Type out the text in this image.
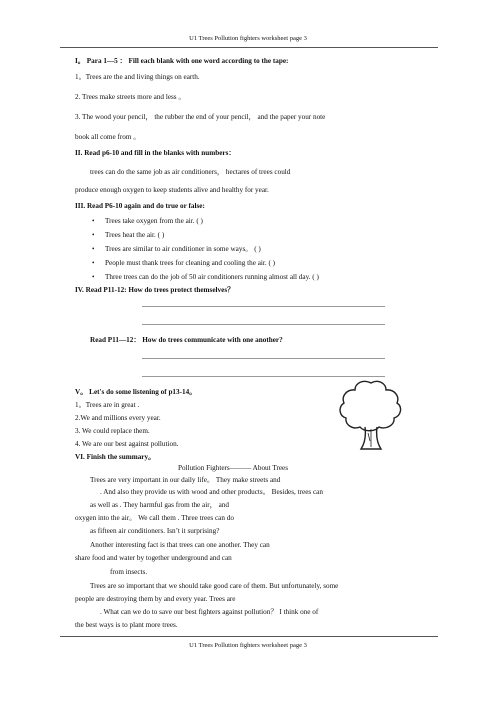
U1 Trees Pollution fighters worksheet page 3
I。 Para 1—5 ： Fill each blank with one word according to the tape:
1。Trees are the and living things on earth.
2. Trees make streets more and less 。
3. The wood your pencil， the rubber the end of your pencil， and the paper your note
book all come from 。
II. Read p6-10 and fill in the blanks with numbers：
trees can do the same job as air conditioners， hectares of trees could
produce enough oxygen to keep students alive and healthy for year.
III. Read P6-10 again and do true or false:
• Trees take oxygen from the air. ( )
• Trees heat the air. ( )
• Trees are similar to air conditioner in some ways。 ( )
• People must thank trees for cleaning and cooling the air. ( )
• Three trees can do the job of 50 air conditioners running almost all day. ( )
IV. Read P11-12: How do trees protect themselves？
Read P11—12： How do trees communicate with one another?
V。 Let's do some listening of p13-14。
1。Trees are in great .
2.We and millions every year.
3. We could replace them.
4. We are our best against pollution.
VI. Finish the summary。
Pollution Fighters——— About Trees
Trees are very important in our daily life。 They make streets and
. And also they provide us with wood and other products。 Besides, trees can
as well as . They harmful gas from the air， and
oxygen into the air。 We call them . Three trees can do
as fifteen air conditioners. Isn’t it surprising?
Another interesting fact is that trees can one another. They can
share food and water by together underground and can
from insects.
Trees are so important that we should take good care of them. But unfortunately, some
people are destroying them by and every year. Trees are
. What can we do to save our best fighters against pollution？ I think one of
the best ways is to plant more trees.
U1 Trees Pollution fighters worksheet page 3
